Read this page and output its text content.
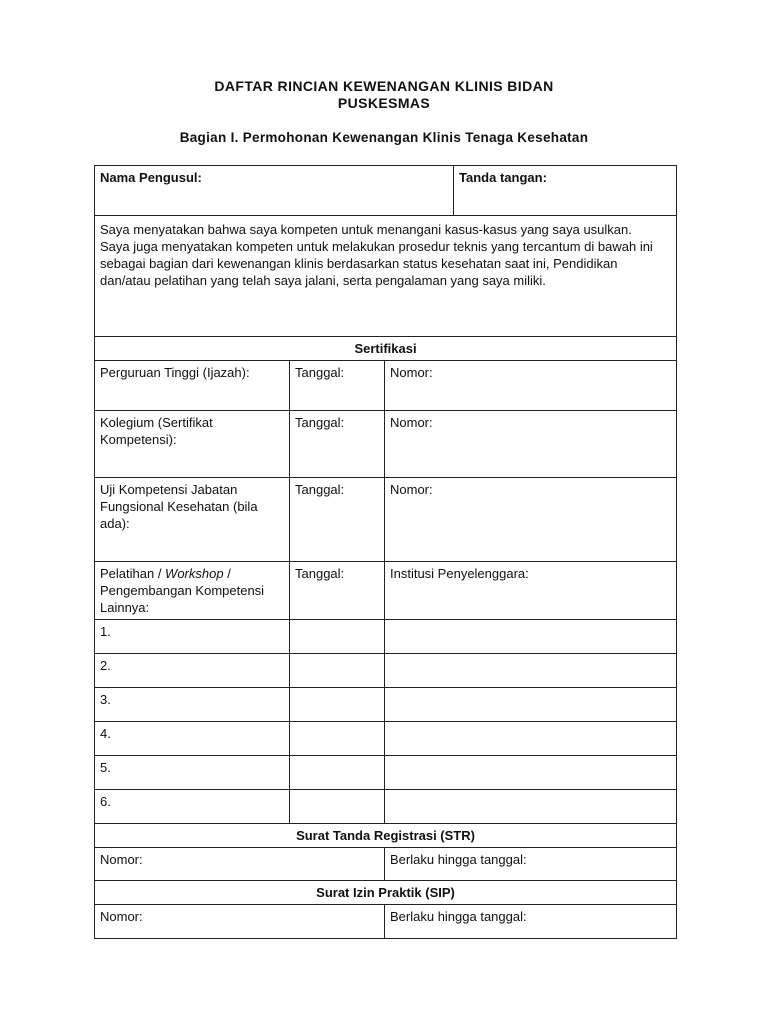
DAFTAR RINCIAN KEWENANGAN KLINIS BIDAN
PUSKESMAS
Bagian I. Permohonan Kewenangan Klinis Tenaga Kesehatan
Nama Pengusul:			Tanda tangan:

Saya menyatakan bahwa saya kompeten untuk menangani kasus-kasus yang saya usulkan.
Saya juga menyatakan kompeten untuk melakukan prosedur teknis yang tercantum di bawah ini sebagai bagian dari kewenangan klinis berdasarkan status kesehatan saat ini, Pendidikan dan/atau pelatihan yang telah saya jalani, serta pengalaman yang saya miliki.			

Sertifikasi			
Perguruan Tinggi (Ijazah):	Tanggal:	Nomor:	
Kolegium (Sertifikat Kompetensi):	Tanggal:	Nomor:	
Uji Kompetensi Jabatan Fungsional Kesehatan (bila ada):	Tanggal:	Nomor:	
Pelatihan / Workshop / Pengembangan Kompetensi Lainnya:	Tanggal:	Institusi Penyelenggara:	
1.			
2.			
3.			
4.			
5.			
6.			
Surat Tanda Registrasi (STR)			
Nomor:		Berlaku hingga tanggal:	
Surat Izin Praktik (SIP)			
Nomor:		Berlaku hingga tanggal:	
